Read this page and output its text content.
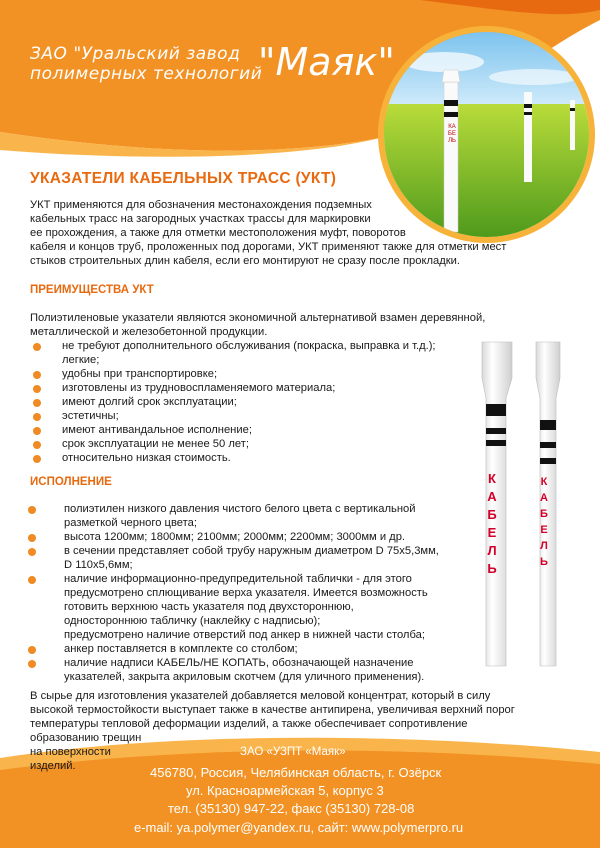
ЗАО "Уральский завод
полимерных технологий
"Маяк"
КАБЕЛЬ
УКАЗАТЕЛИ КАБЕЛЬНЫХ ТРАСС (УКТ)
УКТ применяются для обозначения местонахождения подземных
кабельных трасс на загородных участках трассы для маркировки
ее прохождения, а также для отметки местоположения муфт, поворотов
кабеля и концов труб, проложенных под дорогами, УКТ применяют также для отметки мест
стыков строительных длин кабеля, если его монтируют не сразу после прокладки.
ПРЕИМУЩЕСТВА УКТ
Полиэтиленовые указатели являются экономичной альтернативой взамен деревянной,
металлической и железобетонной продукции.
не требуют дополнительного обслуживания (покраска, выправка и т.д.);
легкие;
удобны при транспортировке;
изготовлены из трудновоспламеняемого материала;
имеют долгий срок эксплуатации;
эстетичны;
имеют антивандальное исполнение;
срок эксплуатации не менее 50 лет;
относительно низкая стоимость.
ИСПОЛНЕНИЕ
полиэтилен низкого давления чистого белого цвета с вертикальной
разметкой черного цвета;
высота 1200мм; 1800мм; 2100мм; 2000мм; 2200мм; 3000мм и др.
в сечении представляет собой трубу наружным диаметром D 75х5,3мм,
D 110х5,6мм;
наличие информационно-предупредительной таблички - для этого
предусмотрено сплющивание верха указателя. Имеется возможность
готовить верхнюю часть указателя под двухстороннюю,
одностороннюю табличку (наклейку с надписью);
предусмотрено наличие отверстий под анкер в нижней части столба;
анкер поставляется в комплекте со столбом;
наличие надписи КАБЕЛЬ/НЕ КОПАТЬ, обозначающей назначение
указателей, закрыта акриловым скотчем (для уличного применения).
КАБЕЛЬ
КАБЕЛЬ
В сырье для изготовления указателей добавляется меловой концентрат, который в силу
высокой термостойкости выступает также в качестве антипирена, увеличивая верхний порог
температуры тепловой деформации изделий, а также обеспечивает сопротивление
образованию трещин
на поверхности
изделий.
ЗАО «УЗПТ «Маяк»
456780, Россия, Челябинская область, г. Озёрск
ул. Красноармейская 5, корпус 3
тел. (35130) 947-22, факс (35130) 728-08
e-mail: ya.polymer@yandex.ru, сайт: www.polymerpro.ru
